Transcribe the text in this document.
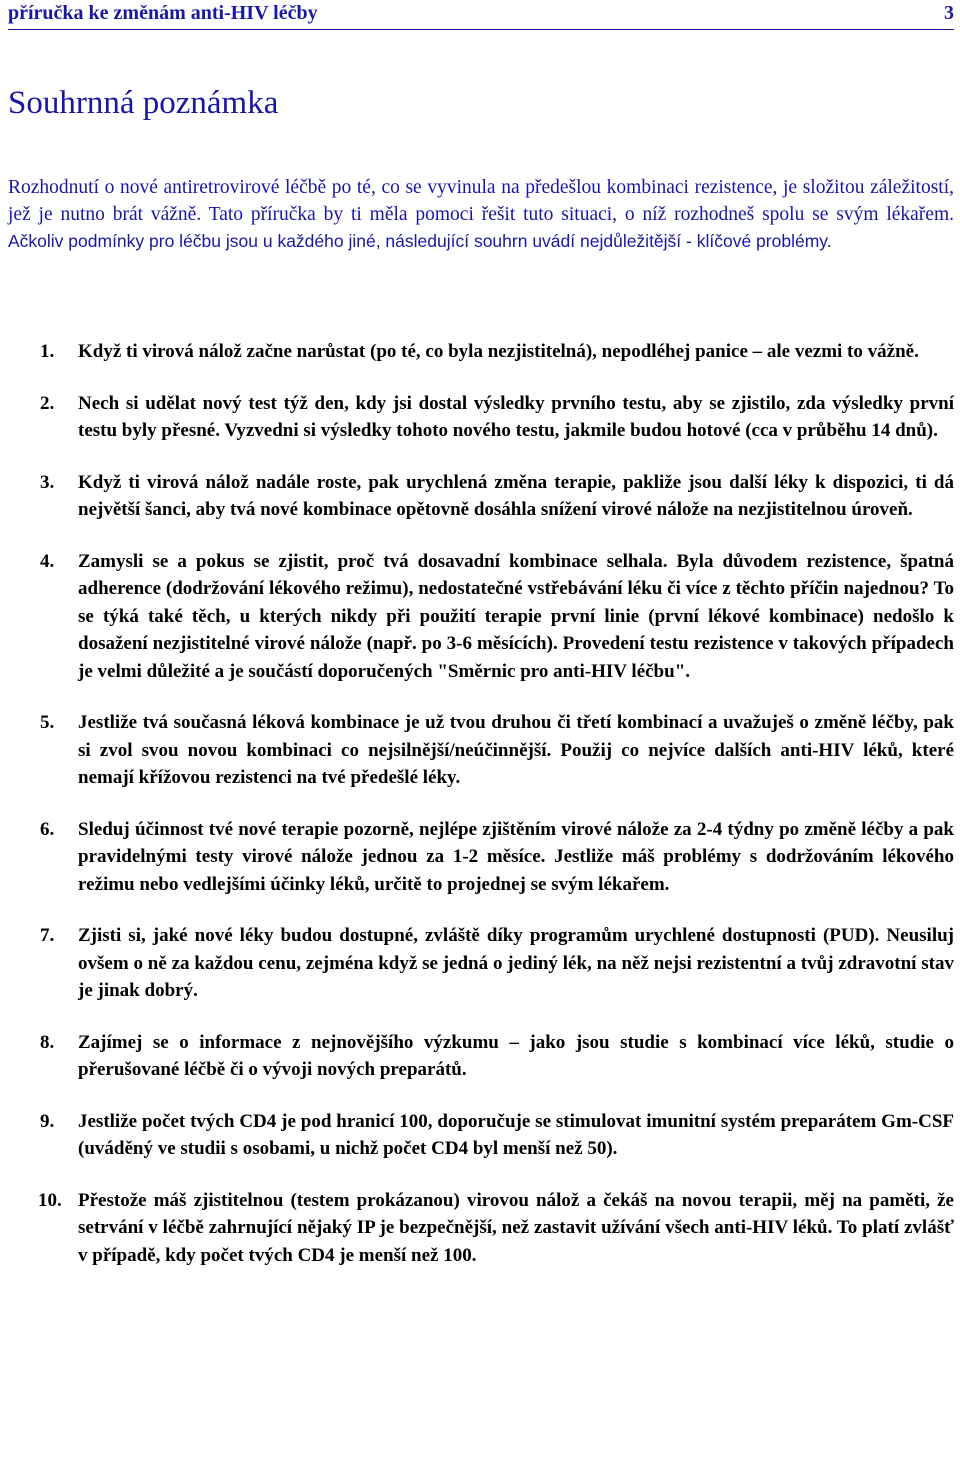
příručka ke změnám anti-HIV léčby	3
Souhrnná poznámka

Rozhodnutí o nové antiretrovirové léčbě po té, co se vyvinula na předešlou kombinaci rezistence, je složitou záležitostí, jež je nutno brát vážně. Tato příručka by ti měla pomoci řešit tuto situaci, o níž rozhodneš spolu se svým lékařem. Ačkoliv podmínky pro léčbu jsou u každého jiné, následující souhrn uvádí nejdůležitější - klíčové problémy.

1.	Když ti virová nálož začne narůstat (po té, co byla nezjistitelná), nepodléhej panice – ale vezmi to vážně.
2.	Nech si udělat nový test týž den, kdy jsi dostal výsledky prvního testu, aby se zjistilo, zda výsledky první testu byly přesné. Vyzvedni si výsledky tohoto nového testu, jakmile budou hotové (cca v průběhu 14 dnů).
3.	Když ti virová nálož nadále roste, pak urychlená změna terapie, pakliže jsou další léky k dispozici, ti dá největší šanci, aby tvá nové kombinace opětovně dosáhla snížení virové nálože na nezjistitelnou úroveň.
4.	Zamysli se a pokus se zjistit, proč tvá dosavadní kombinace selhala. Byla důvodem rezistence, špatná adherence (dodržování lékového režimu), nedostatečné vstřebávání léku či více z těchto příčin najednou? To se týká také těch, u kterých nikdy při použití terapie první linie (první lékové kombinace) nedošlo k dosažení nezjistitelné virové nálože (např. po 3-6 měsících). Provedení testu rezistence v takových případech je velmi důležité a je součástí doporučených "Směrnic pro anti-HIV léčbu".
5.	Jestliže tvá současná léková kombinace je už tvou druhou či třetí kombinací a uvažuješ o změně léčby, pak si zvol svou novou kombinaci co nejsilnější/neúčinnější. Použij co nejvíce dalších anti-HIV léků, které nemají křížovou rezistenci na tvé předešlé léky.
6.	Sleduj účinnost tvé nové terapie pozorně, nejlépe zjištěním virové nálože za 2-4 týdny po změně léčby a pak pravidelnými testy virové nálože jednou za 1-2 měsíce. Jestliže máš problémy s dodržováním lékového režimu nebo vedlejšími účinky léků, určitě to projednej se svým lékařem.
7.	Zjisti si, jaké nové léky budou dostupné, zvláště díky programům urychlené dostupnosti (PUD). Neusiluj ovšem o ně za každou cenu, zejména když se jedná o jediný lék, na něž nejsi rezistentní a tvůj zdravotní stav je jinak dobrý.
8.	Zajímej se o informace z nejnovějšího výzkumu – jako jsou studie s kombinací více léků, studie o přerušované léčbě či o vývoji nových preparátů.
9.	Jestliže počet tvých CD4 je pod hranicí 100, doporučuje se stimulovat imunitní systém preparátem Gm-CSF (uváděný ve studii s osobami, u nichž počet CD4 byl menší než 50).
10. Přestože máš zjistitelnou (testem prokázanou) virovou nálož a čekáš na novou terapii, měj na paměti, že setrvání v léčbě zahrnující nějaký IP je bezpečnější, než zastavit užívání všech anti-HIV léků. To platí zvlášť v případě, kdy počet tvých CD4 je menší než 100.
